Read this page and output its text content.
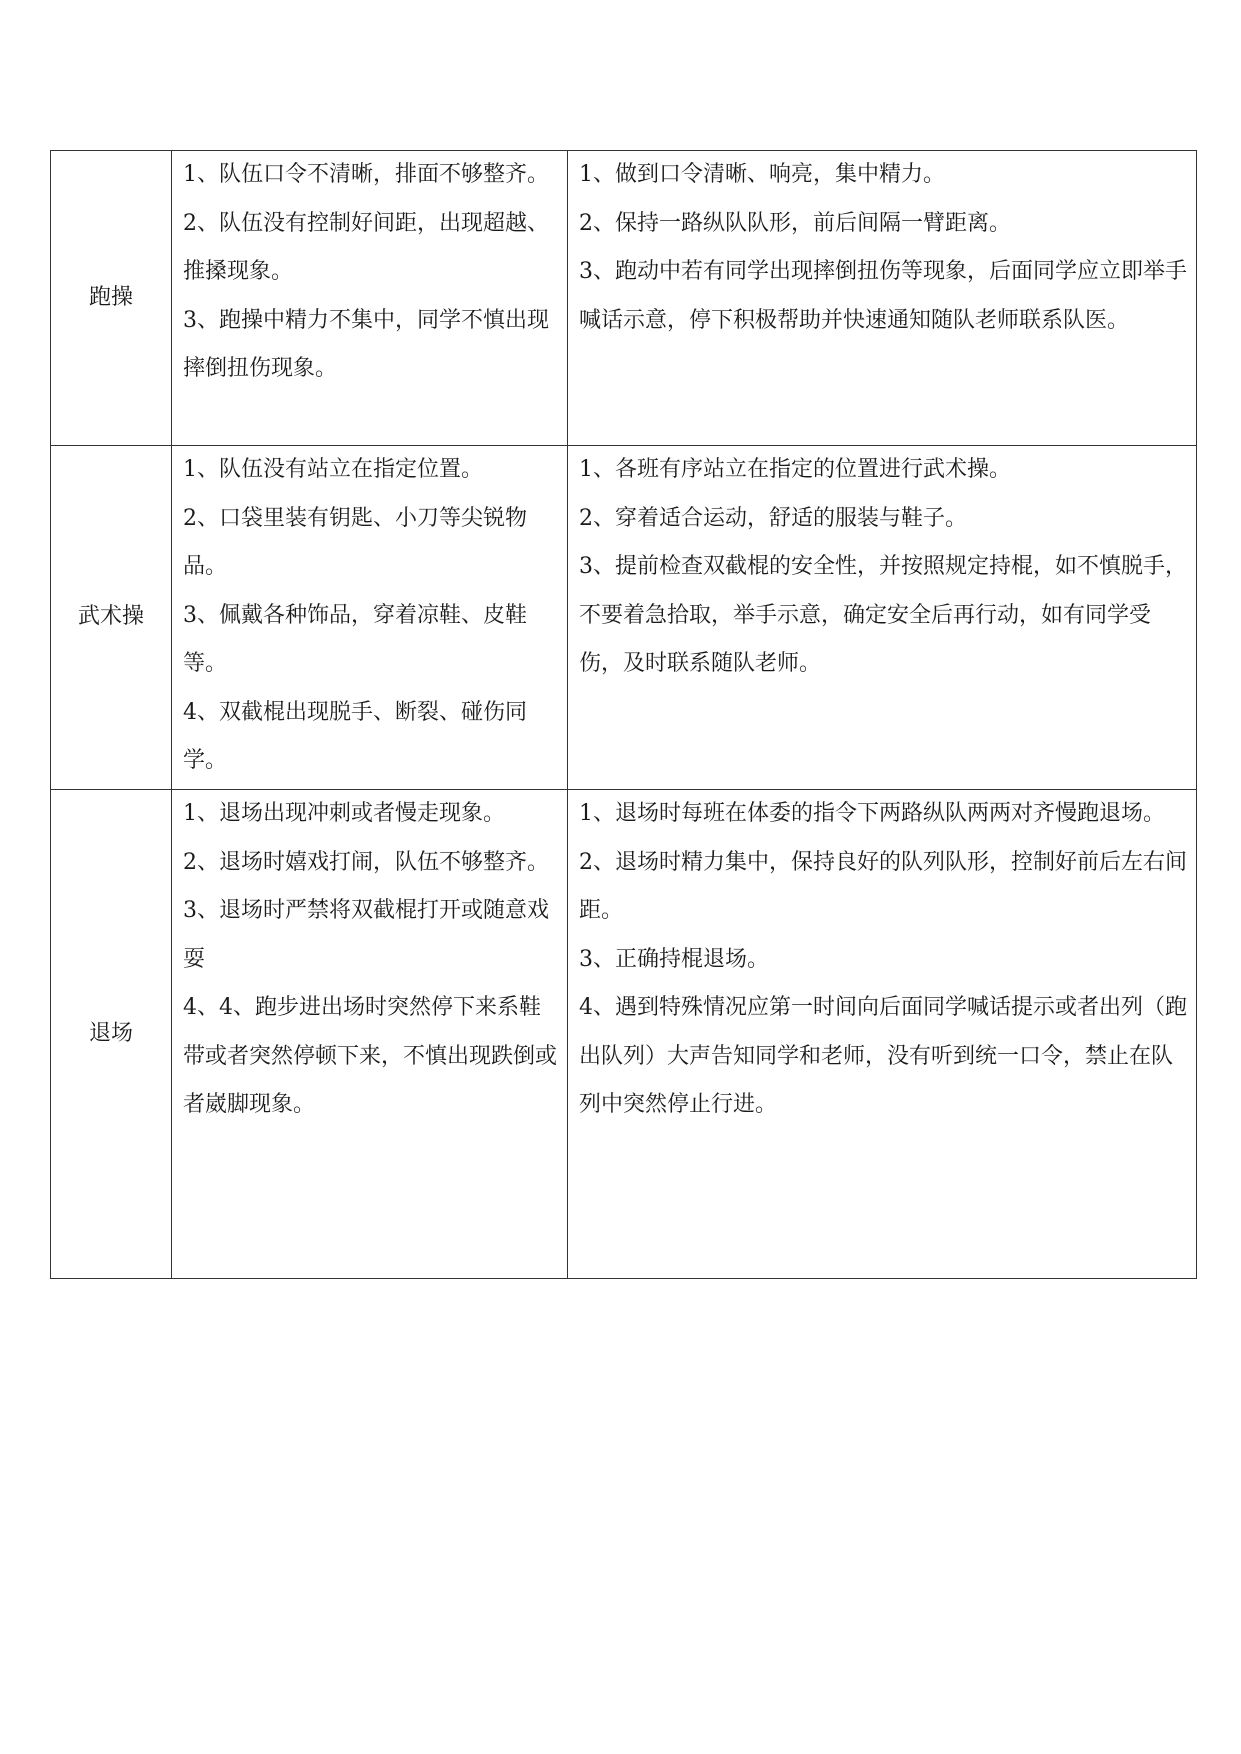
跑操	1、队伍口令不清晰，排面不够整齐。
2、队伍没有控制好间距，出现超越、推搡现象。
3、跑操中精力不集中，同学不慎出现摔倒扭伤现象。	1、做到口令清晰、响亮，集中精力。
2、保持一路纵队队形，前后间隔一臂距离。
3、跑动中若有同学出现摔倒扭伤等现象，后面同学应立即举手喊话示意，停下积极帮助并快速通知随队老师联系队医。

武术操	1、队伍没有站立在指定位置。
2、口袋里装有钥匙、小刀等尖锐物品。
3、佩戴各种饰品，穿着凉鞋、皮鞋等。
4、双截棍出现脱手、断裂、碰伤同学。	1、各班有序站立在指定的位置进行武术操。
2、穿着适合运动，舒适的服装与鞋子。
3、提前检查双截棍的安全性，并按照规定持棍，如不慎脱手，不要着急拾取，举手示意，确定安全后再行动，如有同学受伤，及时联系随队老师。

退场	1、退场出现冲刺或者慢走现象。
2、退场时嬉戏打闹，队伍不够整齐。
3、退场时严禁将双截棍打开或随意戏耍
4、4、跑步进出场时突然停下来系鞋带或者突然停顿下来，不慎出现跌倒或者崴脚现象。	1、退场时每班在体委的指令下两路纵队两两对齐慢跑退场。
2、退场时精力集中，保持良好的队列队形，控制好前后左右间距。
3、正确持棍退场。
4、遇到特殊情况应第一时间向后面同学喊话提示或者出列（跑出队列）大声告知同学和老师，没有听到统一口令，禁止在队列中突然停止行进。
